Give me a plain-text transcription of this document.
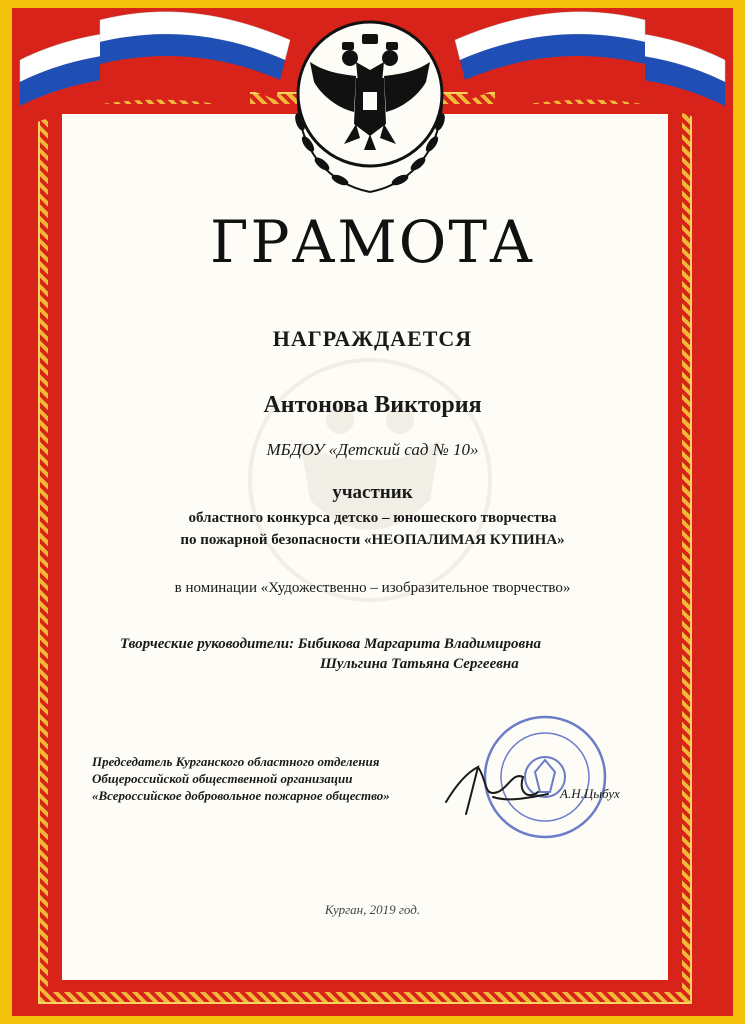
ГРАМОТА
НАГРАЖДАЕТСЯ
Антонова Виктория
МБДОУ «Детский сад № 10»
участник
областного конкурса детско – юношеского творчества
по пожарной безопасности «НЕОПАЛИМАЯ КУПИНА»
в номинации «Художественно – изобразительное творчество»
Творческие руководители: Бибикова Маргарита Владимировна
Шульгина Татьяна Сергеевна
Председатель Курганского областного отделения
Общероссийской общественной организации
«Всероссийское добровольное пожарное общество»	А.Н.Цыбух
Курган, 2019 год.
